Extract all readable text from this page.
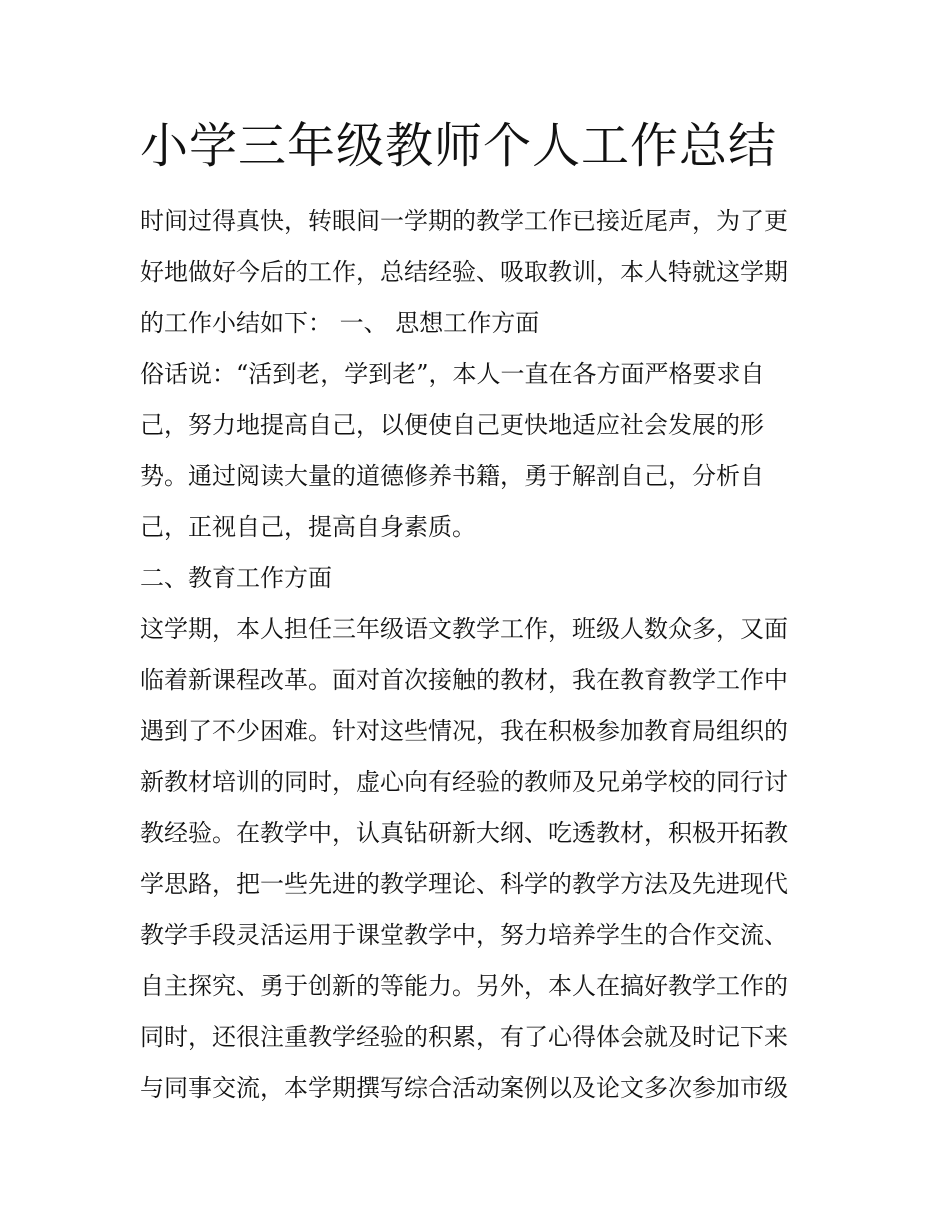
小学三年级教师个人工作总结
时间过得真快，转眼间一学期的教学工作已接近尾声，为了更
好地做好今后的工作，总结经验、吸取教训，本人特就这学期
的工作小结如下： 一、 思想工作方面
俗话说：“活到老，学到老”，本人一直在各方面严格要求自
己，努力地提高自己，以便使自己更快地适应社会发展的形
势。通过阅读大量的道德修养书籍，勇于解剖自己，分析自
己，正视自己，提高自身素质。
二、教育工作方面
这学期，本人担任三年级语文教学工作，班级人数众多，又面
临着新课程改革。面对首次接触的教材，我在教育教学工作中
遇到了不少困难。针对这些情况，我在积极参加教育局组织的
新教材培训的同时，虚心向有经验的教师及兄弟学校的同行讨
教经验。在教学中，认真钻研新大纲、吃透教材，积极开拓教
学思路，把一些先进的教学理论、科学的教学方法及先进现代
教学手段灵活运用于课堂教学中，努力培养学生的合作交流、
自主探究、勇于创新的等能力。另外，本人在搞好教学工作的
同时，还很注重教学经验的积累，有了心得体会就及时记下来
与同事交流，本学期撰写综合活动案例以及论文多次参加市级
